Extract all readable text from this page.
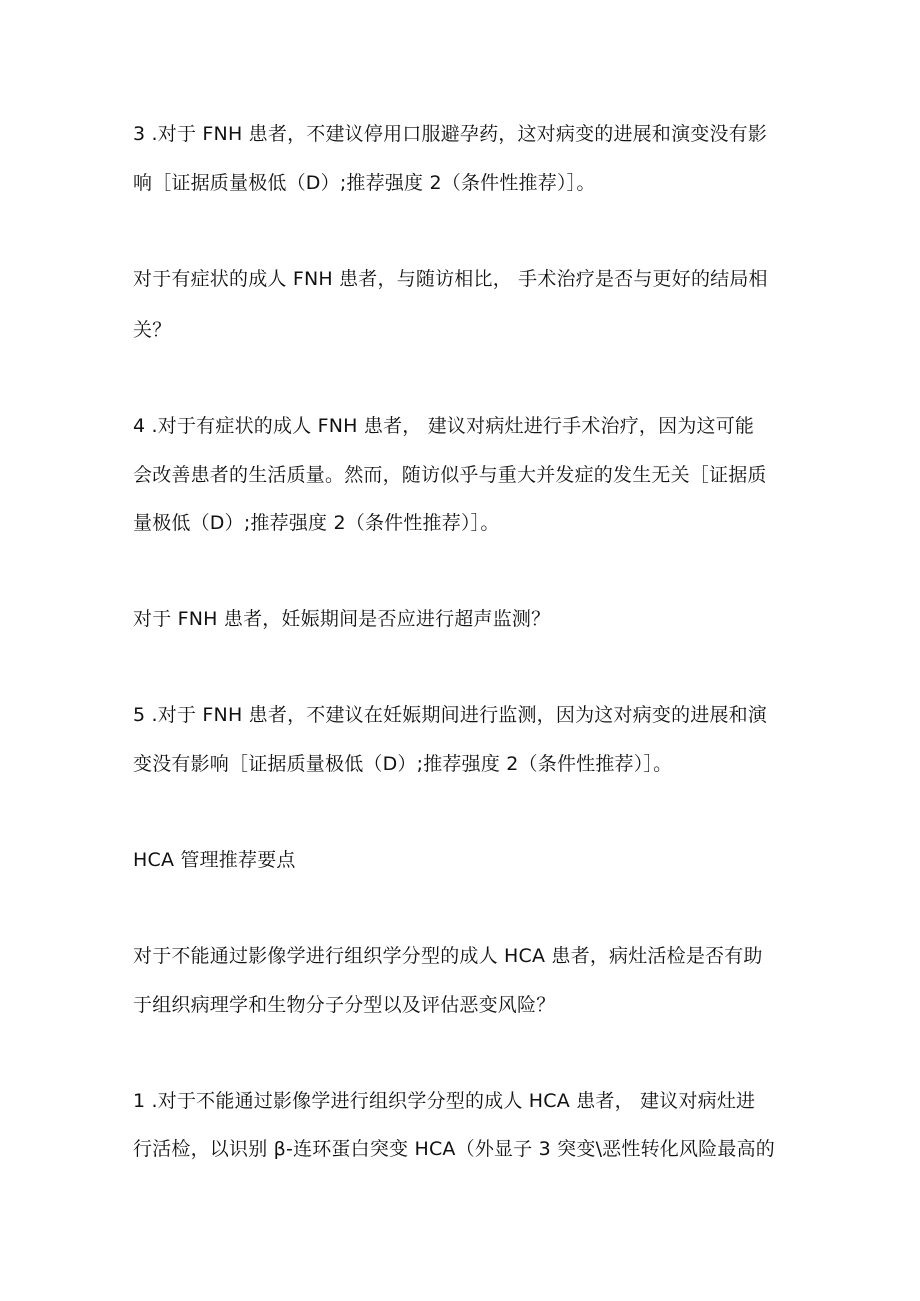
3 .对于 FNH 患者，不建议停用口服避孕药，这对病变的进展和演变没有影
响［证据质量极低（D）;推荐强度 2（条件性推荐）］。
对于有症状的成人 FNH 患者，与随访相比， 手术治疗是否与更好的结局相
关？
4 .对于有症状的成人 FNH 患者， 建议对病灶进行手术治疗，因为这可能
会改善患者的生活质量。然而，随访似乎与重大并发症的发生无关［证据质
量极低（D）;推荐强度 2（条件性推荐）］。
对于 FNH 患者，妊娠期间是否应进行超声监测？
5 .对于 FNH 患者，不建议在妊娠期间进行监测，因为这对病变的进展和演
变没有影响［证据质量极低（D）;推荐强度 2（条件性推荐）］。
HCA 管理推荐要点
对于不能通过影像学进行组织学分型的成人 HCA 患者，病灶活检是否有助
于组织病理学和生物分子分型以及评估恶变风险？
1 .对于不能通过影像学进行组织学分型的成人 HCA 患者， 建议对病灶进
行活检，以识别 β-连环蛋白突变 HCA（外显子 3 突变\恶性转化风险最高的
